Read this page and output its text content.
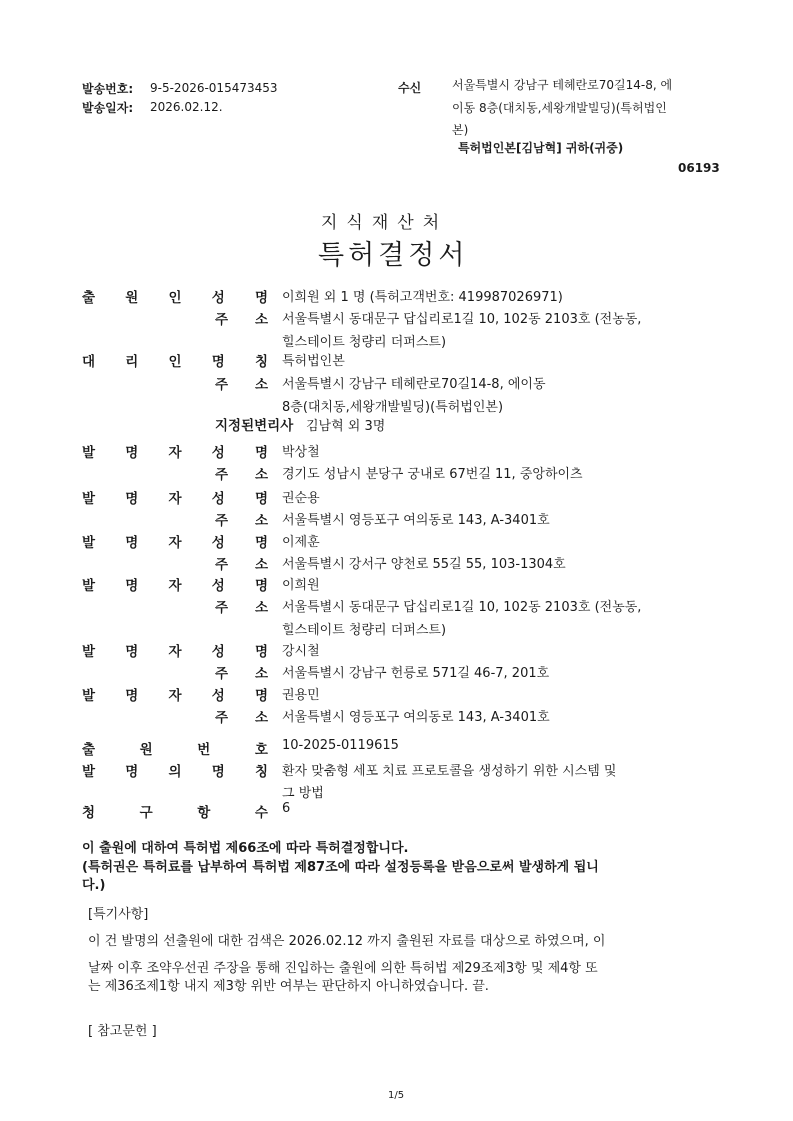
발송번호: 9-5-2026-015473453
발송일자: 2026.02.12.
수신	서울특별시 강남구 테헤란로70길14-8, 에
이동 8층(대치동,세왕개발빌딩)(특허법인
본)
특허법인본[김남혁] 귀하(귀중)
06193
지식재산처
특허결정서
출 원 인 성 명 이희원 외 1 명 (특허고객번호: 419987026971)
주 소 서울특별시 동대문구 답십리로1길 10, 102동 2103호 (전농동,
힐스테이트 청량리 더퍼스트)
대 리 인 명 칭 특허법인본
주 소 서울특별시 강남구 테헤란로70길14-8, 에이동
8층(대치동,세왕개발빌딩)(특허법인본)
지정된변리사 김남혁 외 3명
발 명 자 성 명 박상철
주 소 경기도 성남시 분당구 궁내로 67번길 11, 중앙하이츠
발 명 자 성 명 권순용
주 소 서울특별시 영등포구 여의동로 143, A-3401호
발 명 자 성 명 이제훈
주 소 서울특별시 강서구 양천로 55길 55, 103-1304호
발 명 자 성 명 이희원
주 소 서울특별시 동대문구 답십리로1길 10, 102동 2103호 (전농동,
힐스테이트 청량리 더퍼스트)
발 명 자 성 명 강시철
주 소 서울특별시 강남구 헌릉로 571길 46-7, 201호
발 명 자 성 명 권용민
주 소 서울특별시 영등포구 여의동로 143, A-3401호
출	원	번	호 10-2025-0119615
발 명 의 명 칭 환자 맞춤형 세포 치료 프로토콜을 생성하기 위한 시스템 및
그 방법
청	구	항	수 6
이 출원에 대하여 특허법 제66조에 따라 특허결정합니다.
(특허권은 특허료를 납부하여 특허법 제87조에 따라 설정등록을 받음으로써 발생하게 됩니
다.)
[특기사항]
이 건 발명의 선출원에 대한 검색은 2026.02.12 까지 출원된 자료를 대상으로 하였으며, 이
날짜 이후 조약우선권 주장을 통해 진입하는 출원에 의한 특허법 제29조제3항 및 제4항 또
는 제36조제1항 내지 제3항 위반 여부는 판단하지 아니하였습니다. 끝.
[ 참고문헌 ]
1/5
